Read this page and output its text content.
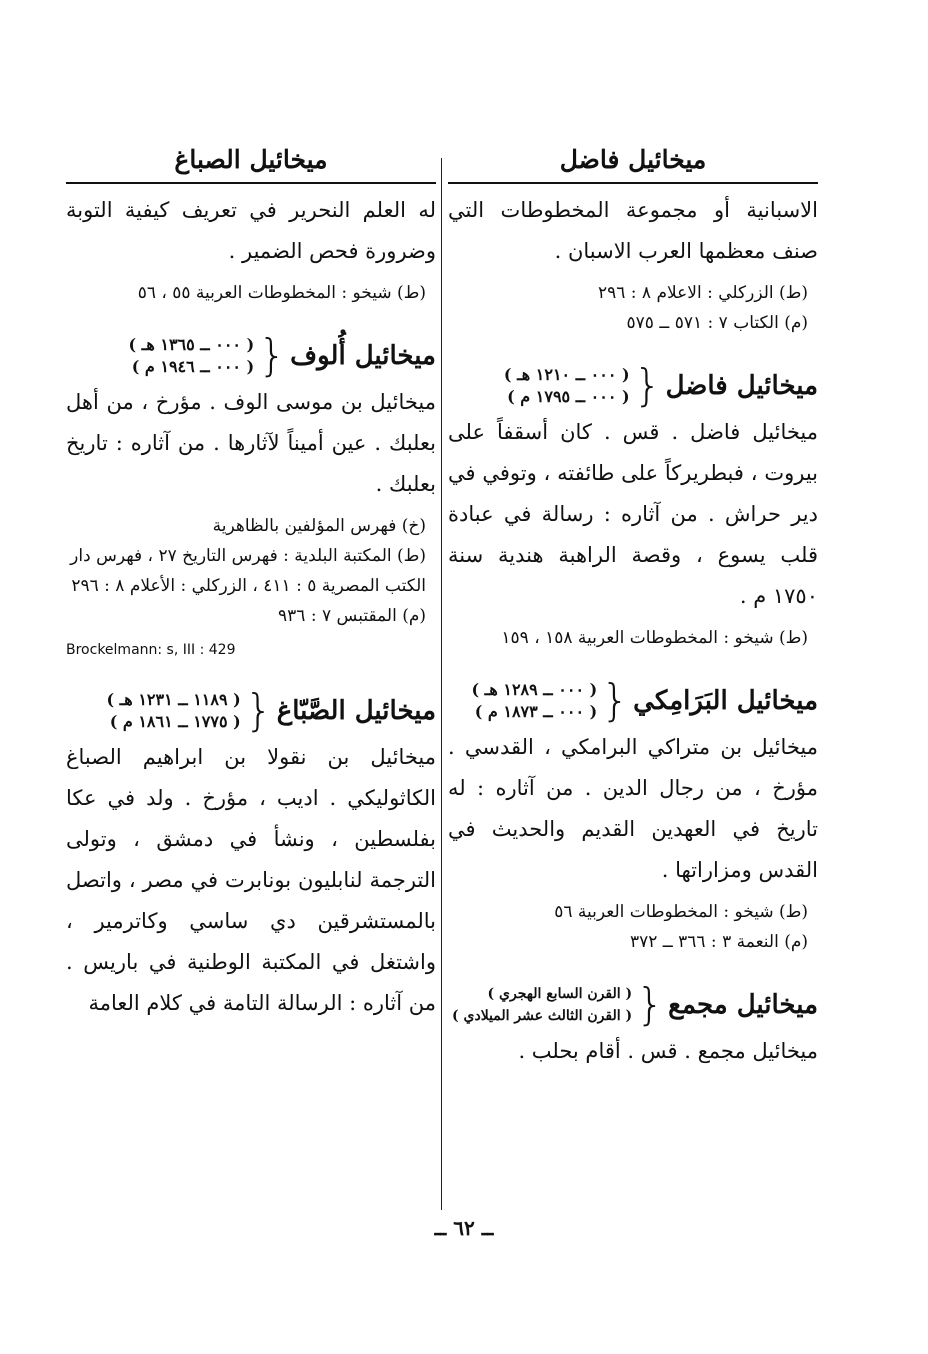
ميخائيل فاضل

الاسبانية أو مجموعة المخطوطات التي صنف معظمها العرب الاسبان .

(ط) الزركلي : الاعلام ٨ : ٢٩٦

(م) الكتاب ٧ : ٥٧١ ــ ٥٧٥

ميخائيل فاضل
{
( ٠٠٠ ــ ١٢١٠ هـ )
( ٠٠٠ ــ ١٧٩٥ م )

ميخائيل فاضل . قس . كان أسقفاً على بيروت ، فبطريركاً على طائفته ، وتوفي في دير حراش . من آثاره : رسالة في عبادة قلب يسوع ، وقصة الراهبة هندية سنة ١٧٥٠ م .

(ط) شيخو : المخطوطات العربية ١٥٨ ، ١٥٩

ميخائيل البَرَامِكي
{
( ٠٠٠ ــ ١٢٨٩ هـ )
( ٠٠٠ ــ ١٨٧٣ م )

ميخائيل بن متراكي البرامكي ، القدسي . مؤرخ ، من رجال الدين . من آثاره : له تاريخ في العهدين القديم والحديث في القدس ومزاراتها .

(ط) شيخو : المخطوطات العربية ٥٦

(م) النعمة ٣ : ٣٦٦ ــ ٣٧٢

ميخائيل مجمع
{
( القرن السابع الهجري )
( القرن الثالث عشر الميلادي )

ميخائيل مجمع . قس . أقام بحلب .

ميخائيل الصباغ

له العلم النحرير في تعريف كيفية التوبة وضرورة فحص الضمير .

(ط) شيخو : المخطوطات العربية ٥٥ ، ٥٦

ميخائيل أُلوف
{
( ٠٠٠ ــ ١٣٦٥ هـ )
( ٠٠٠ ــ ١٩٤٦ م )

ميخائيل بن موسى الوف . مؤرخ ، من أهل بعلبك . عين أميناً لآثارها . من آثاره : تاريخ بعلبك .

(خ) فهرس المؤلفين بالظاهرية

(ط) المكتبة البلدية : فهرس التاريخ ٢٧ ، فهرس دار الكتب المصرية ٥ : ٤١١ ، الزركلي : الأعلام ٨ : ٢٩٦

(م) المقتبس ٧ : ٩٣٦

Brockelmann: s, III : 429

ميخائيل الصَّبّاغ
{
( ١١٨٩ ــ ١٢٣١ هـ )
( ١٧٧٥ ــ ١٨٦١ م )

ميخائيل بن نقولا بن ابراهيم الصباغ الكاثوليكي . اديب ، مؤرخ . ولد في عكا بفلسطين ، ونشأ في دمشق ، وتولى الترجمة لنابليون بونابرت في مصر ، واتصل بالمستشرقين دي ساسي وكاترمير ، واشتغل في المكتبة الوطنية في باريس . من آثاره : الرسالة التامة في كلام العامة

ــ ٦٢ ــ
